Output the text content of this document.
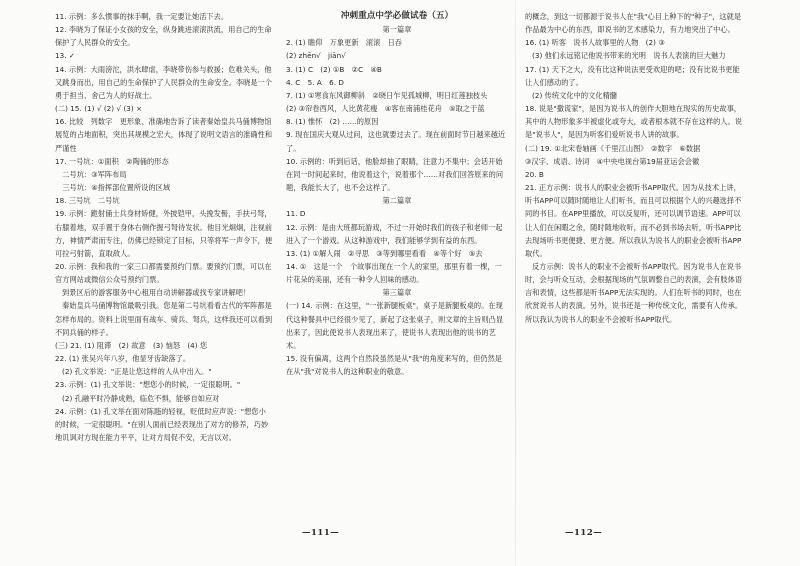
11. 示例：多么惯事的抹手啊，我一定要让她活下去。

12. 李晓为了保证小女孩的安全，纵身跳进滚滚洪流，用自己的生命保护了人民群众的安全。

13. ✓

14. 示例：大雨滂沱，洪水肆虐，李晓带伤参与救援；危难关头，他又跳身而出，用自己的生命保护了人民群众的生命安全。李晓是一个勇于担当、舍己为人的好战士。

(二) 15. (1) √ (2) √ (3) ×

16. 比较　列数字　更形象、准确地告诉了读者秦始皇兵马俑博物馆展览的占地面积，突出其规模之宏大，体现了说明文语言的准确性和严谨性

17. 一号坑：①面积　②陶俑的形态

　二号坑：③军阵布局

　三号坑：④指挥部位置所设的区域

18. 三号坑　二号坑

19. 示例：跪射俑士兵身材矫健，外披铠甲，头挽发髻，手扶弓弩，右膝着地，双手置于身体右侧作握弓弩待发状。他目光炯炯，注视前方，神情严肃而专注，仿佛已经锁定了目标，只等将军一声令下，便可拉弓射箭，直取敌人。

20. 示例：我和我的一家三口都需要预约门票。要预约门票，可以在官方网站或微信公众号预约门票。

到景区后的游客服务中心租用自动讲解器或找专家讲解吧！

秦始皇兵马俑博物馆最吸引我。您是第二号坑看看古代的军阵都是怎样布局的。资料上说里面有战车、骑兵、弩兵，这样我还可以看到不同兵俑的样子。

(三) 21. (1) 阻滞　(2) 故意　(3) 恼怒　(4) 您

22. (1) 张吴兴年八岁，他显牙齿缺落了。

(2) 孔文举说："正是让您这样的人从中出入。"

23. 示例：(1) 孔文举说："想您小的时候，一定很聪明。"

(2) 孔融平时冷静成熟，临危不惧，能够自如应对

24. 示例：(1) 孔文举在面对陈韪的轻视，贬低时应声说："想您小的时候，一定很聪明。"在别人面前已经表现出了对方的修养，巧妙地讥讽对方现在能力平平，让对方局促不安，无言以对。

冲刺重点中学必做试卷（五）

第一篇章

2. (1) 瞻仰　万象更新　滚滚　日吞

(2) zhēn√　jiān√

3. (1) C　(2) ①B　②C　④B

4. C　5. A　6. D

7. (1) ①寒食东风御柳斜　②晓日乍见孤城柳，明日红莲独枝头

(2) ③帘卷西风，人比黄花瘦　④客在南浦桂花舟　⑤取之于蓝

8. (1) 惟怀　(2) ……的原因

9. 现在国庆大观从过问，这也就要过去了。现在前面时节日越来越近了。

10. 示例的：听到后话，他脸却抽了眼睛，注意力不集中；会话开始在同一时间起来时，他说着这个，说着那个……对我们回答原来的问题，我能长大了，也不会这样了。

第二篇章

11. D

12. 示例：是由大班都玩游戏，不过一开始时我们的孩子和老师一起进入了一个游戏。从这种游戏中，我们能够学到有益的东西。

13. (1) ①解人闹　②寻思　③等到哪里看看　④等个好　⑤去

14. ①　这是一个　个故事出现在一个人的家里，那里有着一棵，一片花朵的美丽，还有一种令人回味的感动。

第三篇章

(一) 14. 示例：在这里，"一张新腿板桌"，桌子是新腿板桌的。在现代这种餐具中已经很少见了，新起了这张桌子，则文章的主旨则凸显出来了，因此使说书人表现出来了，使说书人表现出他的说书的艺术。

15. 没有偏离，这两个自然段虽然是从"我"的角度来写的，但仍然是在从"我"对说书人的这种职业的敬意。

的概念，到这一切都源于说书人在"我"心目上种下的"种子"，这就是作品最为中心的东西，即说书的艺术感染力，有力地突出了中心。

16. (1) 听客　说书人故事里的人物　(2) ③

(3) 他们永远铭记他说书带来的光明　说书人表演的巨大魅力

17. (1) 天下之大，没有比这种说法更受欢迎的吧；没有比说书更能让人们感动的了。

(2) 传统文化中的文化精髓

18. 说是"撒谎家"，是因为说书人的创作大胆地在现实的历史故事，其中的人物形象多半被虚化或夸大，或者根本就不存在这样的人。说是"说书人"，是因为听客们爱听说书人讲的故事。

(二) 19. ①北宋卷轴画《千里江山图》　②数字　⑥数据

③汉字、成语、诗词　④中央电视台第19届亚运会会徽

20. B

21. 正方示例：说书人的职业会被听书APP取代。因为从技术上讲，听书APP可以随时随地让人们听书，而且可以根据个人的兴趣选择不同的书目。在APP里播放，可以反复听，还可以调节语速。APP可以让人们在闲暇之余，随时随地收听，而不必到书场去听，听书APP比去现场听书更便捷、更方便。所以我认为说书人的职业会被听书APP取代。

反方示例：说书人的职业不会被听书APP取代。因为说书人在说书时，会与听众互动，会根据现场的气氛调整自己的表演，会有肢体语言和表情，这些都是听书APP无法实现的。人们在听书的同时，也在欣赏说书人的表演。另外，说书还是一种传统文化，需要有人传承。所以我认为说书人的职业不会被听书APP取代。

—111—	—112—
